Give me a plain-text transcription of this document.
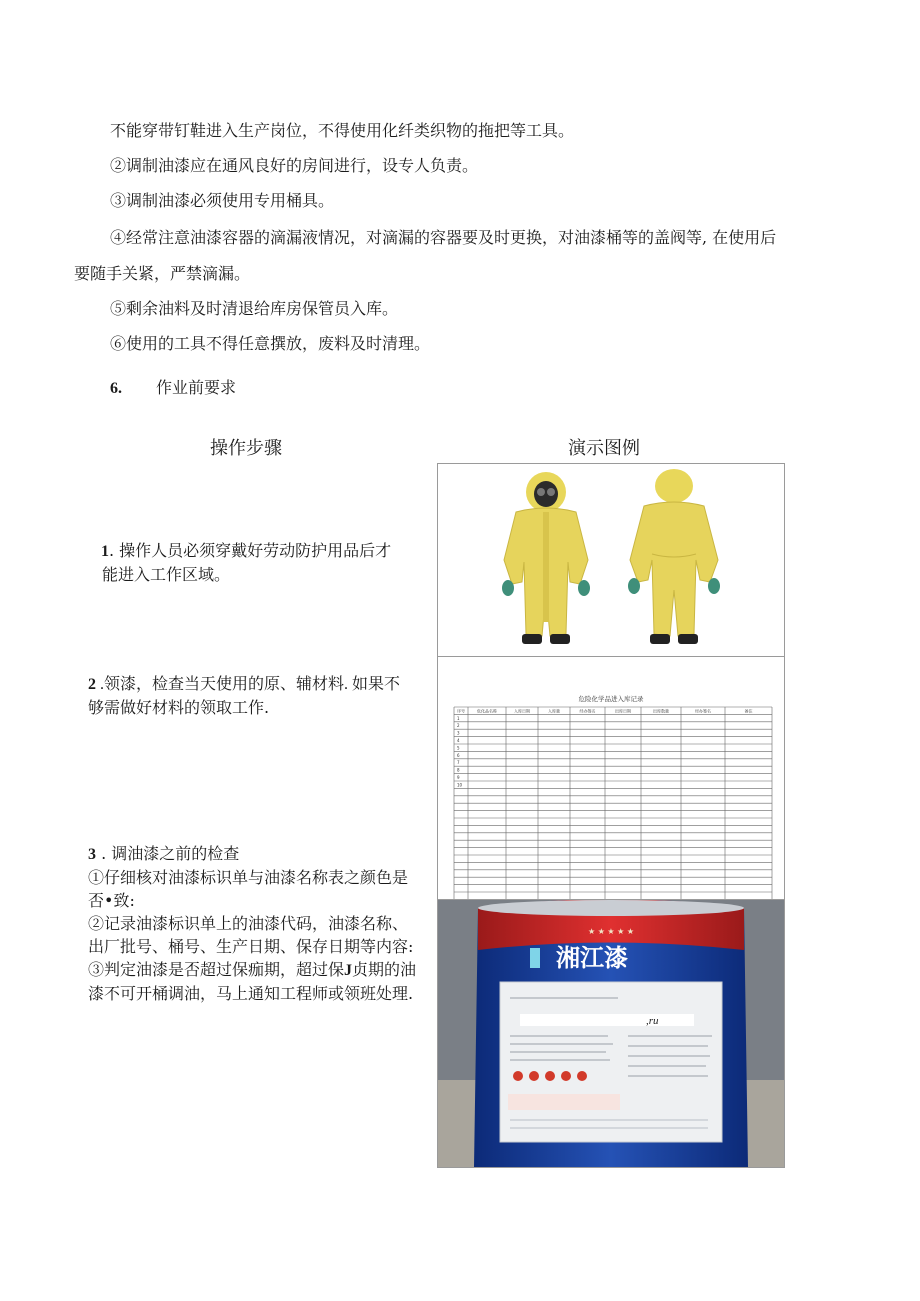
不能穿带钉鞋进入生产岗位，不得使用化纤类织物的拖把等工具。
②调制油漆应在通风良好的房间进行，设专人负责。
③调制油漆必须使用专用桶具。
④经常注意油漆容器的滴漏液情况，对滴漏的容器要及时更换，对油漆桶等的盖阀等, 在使用后
要随手关紧，严禁滴漏。
⑤剩余油料及时清退给库房保管员入库。
⑥使用的工具不得任意撰放，废料及时清理。
6. 作业前要求
操作步骤	演示图例
1. 操作人员必须穿戴好劳动防护用品后才
能进入工作区域。
2 .领漆，检查当天使用的原、辅材料. 如果不
够需做好材料的领取工作.
3 . 调油漆之前的检查
①仔细核对油漆标识单与油漆名称表之颜色是
否•致:
②记录油漆标识单上的油漆代码，油漆名称、
出厂批号、桶号、生产日期、保存日期等内容:
③判定油漆是否超过保痂期，超过保J贞期的油
漆不可开桶调油，马上通知工程师或领班处理.
危险化学品进入库记录
序号	危化品名称	入库日期	入库量	经办签名	出库日期	出库数量	经办签名	备注
1
2
3
4
5
6
7
8
9
10
★ ★ ★ ★ ★
湘江漆
,ru
